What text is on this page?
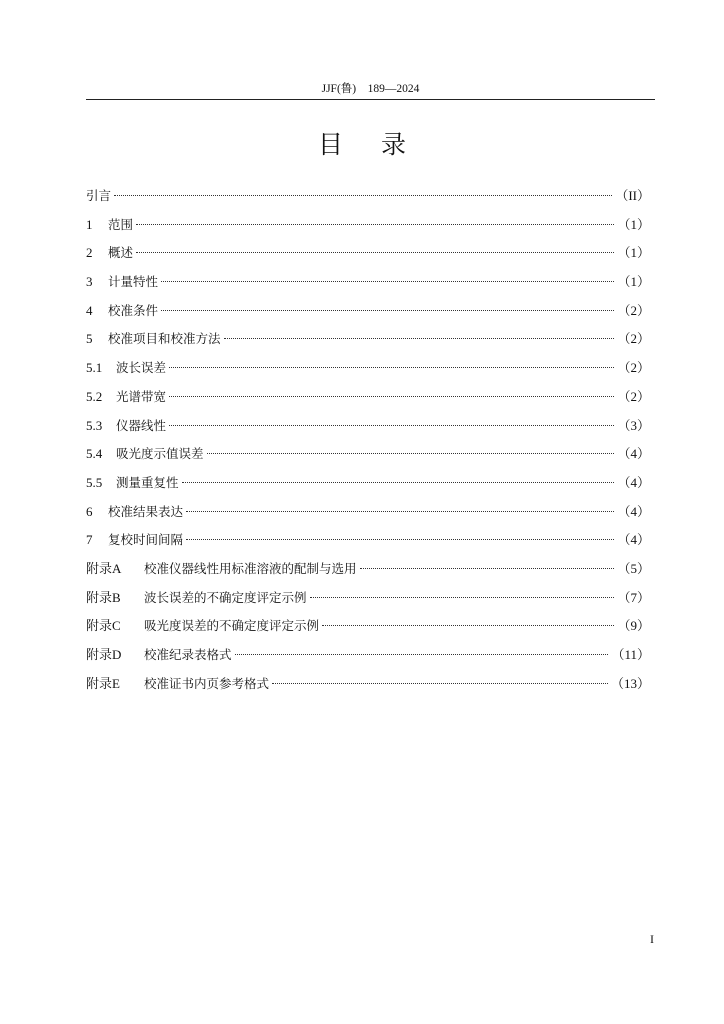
JJF(鲁)　189—2024
目录
引言	（II）
1	范围	（1）
2	概述	（1）
3	计量特性	（1）
4	校准条件	（2）
5	校准项目和校准方法	（2）
5.1	波长误差	（2）
5.2	光谱带宽	（2）
5.3	仪器线性	（3）
5.4	吸光度示值误差	（4）
5.5	测量重复性	（4）
6	校准结果表达	（4）
7	复校时间间隔	（4）
附录A	校准仪器线性用标准溶液的配制与选用	（5）
附录B	波长误差的不确定度评定示例	（7）
附录C	吸光度误差的不确定度评定示例	（9）
附录D	校准纪录表格式	（11）
附录E	校准证书内页参考格式	（13）
I
